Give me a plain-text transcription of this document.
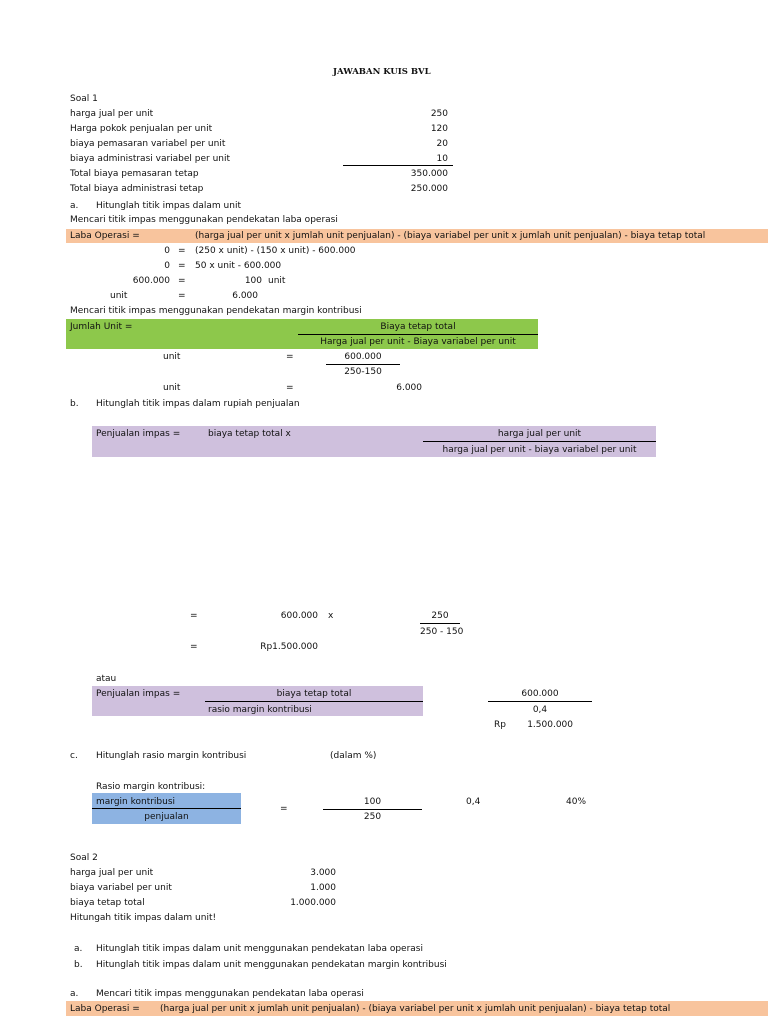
JAWABAN KUIS BVL
Soal 1
harga jual per unit	250
Harga pokok penjualan per unit	120
biaya pemasaran variabel per unit	20
biaya administrasi variabel per unit	10
Total biaya pemasaran tetap	350.000
Total biaya administrasi tetap	250.000
a. Hitunglah titik impas dalam unit
Mencari titik impas menggunakan pendekatan laba operasi
Laba Operasi =	(harga jual per unit x jumlah unit penjualan) - (biaya variabel per unit x jumlah unit penjualan) - biaya tetap total
0 = (250 x unit) - (150 x unit) - 600.000
0 = 50 x unit - 600.000
600.000 =	100 unit
unit	=	6.000
Mencari titik impas menggunakan pendekatan margin kontribusi
Jumlah Unit =	Biaya tetap total
Harga jual per unit - Biaya variabel per unit
unit	=	600.000
250-150
unit	=	6.000
b. Hitunglah titik impas dalam rupiah penjualan
Penjualan impas =	biaya tetap total x	harga jual per unit
harga jual per unit - biaya variabel per unit
=	600.000 x	250
250 - 150
=	Rp1.500.000
atau
Penjualan impas =	biaya tetap total
rasio margin kontribusi
600.000
0,4
Rp	1.500.000
c. Hitunglah rasio margin kontribusi	(dalam %)
Rasio margin kontribusi:
margin kontribusi
penjualan
=
100
250
0,4	40%
Soal 2
harga jual per unit	3.000
biaya variabel per unit	1.000
biaya tetap total	1.000.000
Hitungah titik impas dalam unit!
a. Hitunglah titik impas dalam unit menggunakan pendekatan laba operasi
b. Hitunglah titik impas dalam unit menggunakan pendekatan margin kontribusi
a. Mencari titik impas menggunakan pendekatan laba operasi
Laba Operasi = (harga jual per unit x jumlah unit penjualan) - (biaya variabel per unit x jumlah unit penjualan) - biaya tetap total
